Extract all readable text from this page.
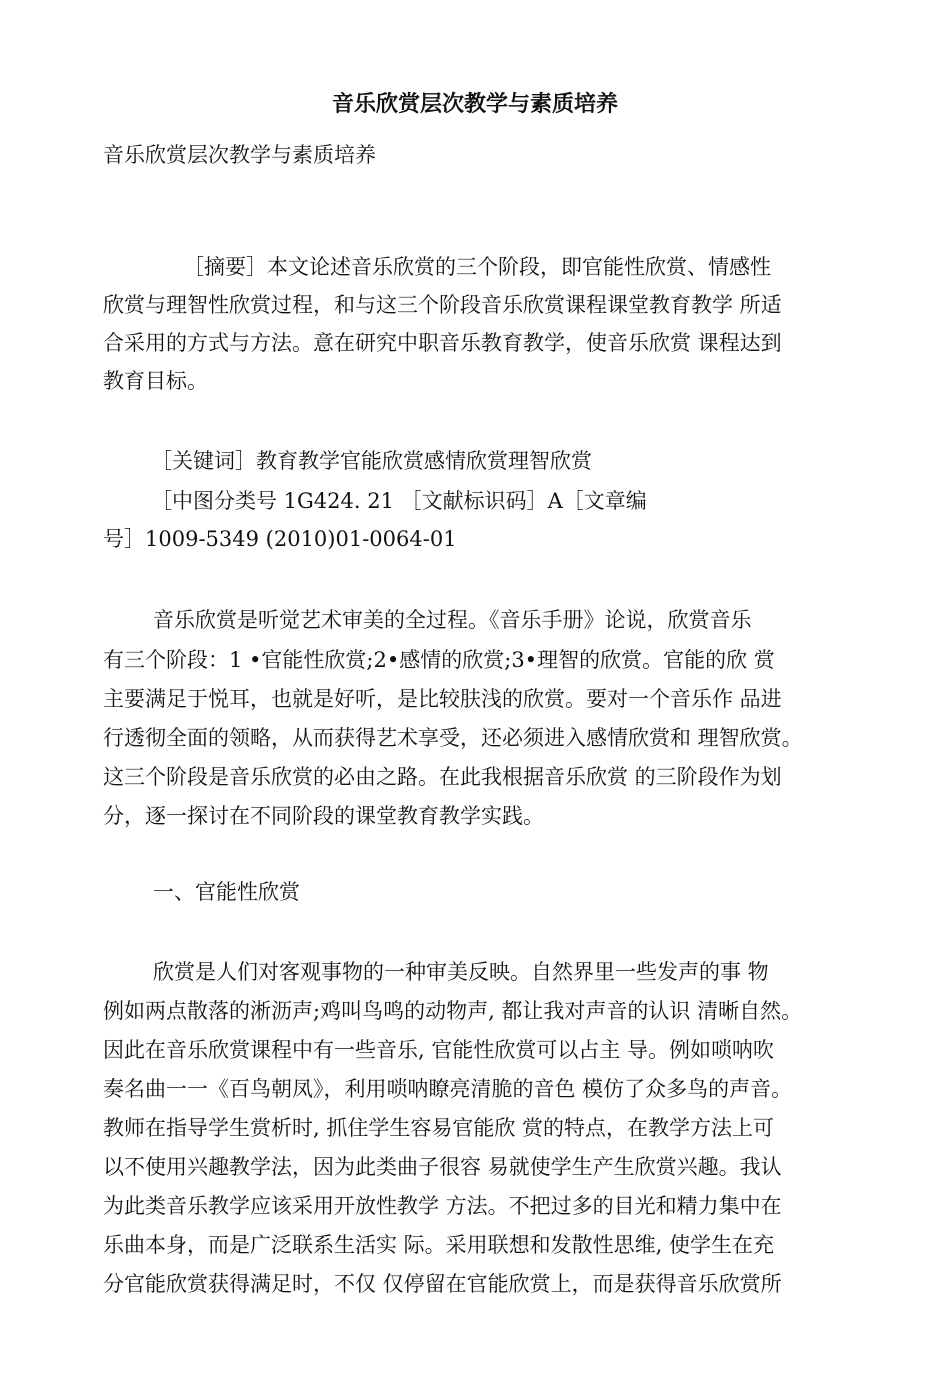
音乐欣赏层次教学与素质培养
音乐欣赏层次教学与素质培养
［摘要］本文论述音乐欣赏的三个阶段，即官能性欣赏、情感性
欣赏与理智性欣赏过程，和与这三个阶段音乐欣赏课程课堂教育教学 所适
合采用的方式与方法。意在研究中职音乐教育教学，使音乐欣赏 课程达到
教育目标。
［关键词］教育教学官能欣赏感情欣赏理智欣赏
［中图分类号 1G424. 21 ［文献标识码］A［文章编
号］1009-5349 (2010)01-0064-01
音乐欣赏是听觉艺术审美的全过程。《音乐手册》论说，欣赏音乐
有三个阶段：1 •官能性欣赏;2•感情的欣赏;3•理智的欣赏。官能的欣 赏
主要满足于悦耳，也就是好听，是比较肤浅的欣赏。要对一个音乐作 品进
行透彻全面的领略，从而获得艺术享受，还必须进入感情欣赏和 理智欣赏。
这三个阶段是音乐欣赏的必由之路。在此我根据音乐欣赏 的三阶段作为划
分，逐一探讨在不同阶段的课堂教育教学实践。
一、官能性欣赏
欣赏是人们对客观事物的一种审美反映。自然界里一些发声的事 物
例如两点散落的淅沥声;鸡叫鸟鸣的动物声, 都让我对声音的认识 清晰自然。
因此在音乐欣赏课程中有一些音乐, 官能性欣赏可以占主 导。例如唢呐吹
奏名曲一一《百鸟朝凤》，利用唢呐瞭亮清脆的音色 模仿了众多鸟的声音。
教师在指导学生赏析时, 抓住学生容易官能欣 赏的特点，在教学方法上可
以不使用兴趣教学法，因为此类曲子很容 易就使学生产生欣赏兴趣。我认
为此类音乐教学应该采用开放性教学 方法。不把过多的目光和精力集中在
乐曲本身，而是广泛联系生活实 际。采用联想和发散性思维, 使学生在充
分官能欣赏获得满足时，不仅 仅停留在官能欣赏上，而是获得音乐欣赏所
